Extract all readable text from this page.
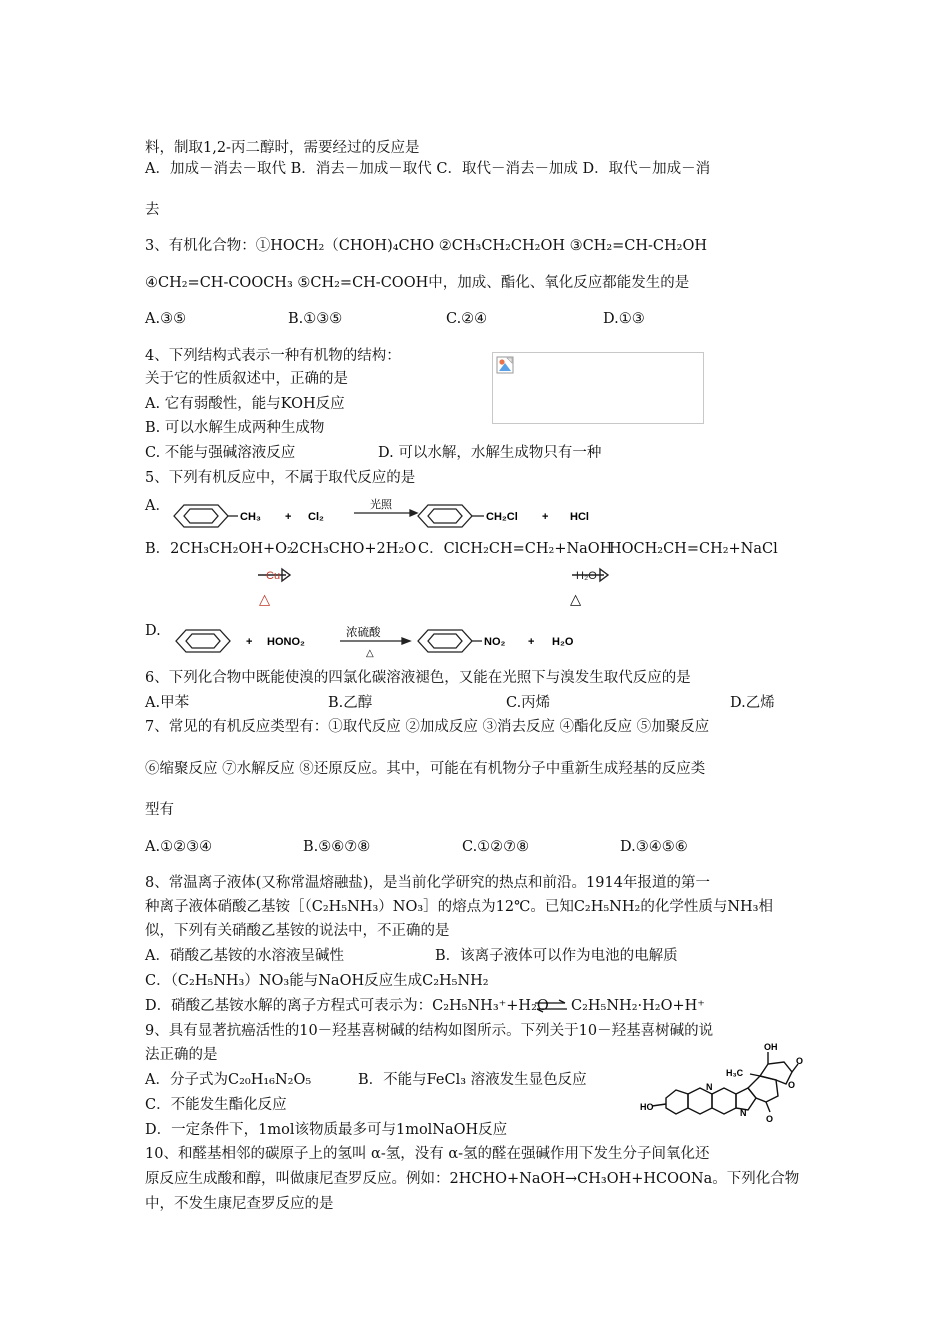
料，制取1,2-丙二醇时，需要经过的反应是
A．加成－消去－取代 B．消去－加成－取代 C．取代－消去－加成 D．取代－加成－消
去
3、有机化合物：①HOCH₂（CHOH)₄CHO ②CH₃CH₂CH₂OH ③CH₂=CH-CH₂OH
④CH₂=CH-COOCH₃ ⑤CH₂=CH-COOH中，加成、酯化、氧化反应都能发生的是
A.③⑤	B.①③⑤	C.②④	D.①③
4、下列结构式表示一种有机物的结构：
关于它的性质叙述中，正确的是
A. 它有弱酸性，能与KOH反应
B. 可以水解生成两种生成物
C. 不能与强碱溶液反应	D. 可以水解，水解生成物只有一种
5、下列有机反应中，不属于取代反应的是
A．
CH₃ + Cl₂
光照
CH₂Cl + HCl
B．2CH₃CH₂OH+O₂
2CH₃CHO+2H₂O C．ClCH₂CH=CH₂+NaOH
HOCH₂CH=CH₂+NaCl
Cu
△
H₂O
△
D.
+ HONO₂
浓硫酸
△
NO₂ + H₂O
6、下列化合物中既能使溴的四氯化碳溶液褪色，又能在光照下与溴发生取代反应的是
A.甲苯	B.乙醇	C.丙烯	D.乙烯
7、常见的有机反应类型有：①取代反应 ②加成反应 ③消去反应 ④酯化反应 ⑤加聚反应
⑥缩聚反应 ⑦水解反应 ⑧还原反应。其中，可能在有机物分子中重新生成羟基的反应类
型有
A.①②③④	B.⑤⑥⑦⑧	C.①②⑦⑧	D.③④⑤⑥
8、常温离子液体(又称常温熔融盐)，是当前化学研究的热点和前沿。1914年报道的第一
种离子液体硝酸乙基铵［（C₂H₅NH₃）NO₃］的熔点为12℃。已知C₂H₅NH₂的化学性质与NH₃相
似，下列有关硝酸乙基铵的说法中，不正确的是
A．硝酸乙基铵的水溶液呈碱性	B．该离子液体可以作为电池的电解质
C．（C₂H₅NH₃）NO₃能与NaOH反应生成C₂H₅NH₂
D．硝酸乙基铵水解的离子方程式可表示为：C₂H₅NH₃⁺+H₂O ⇌ C₂H₅NH₂·H₂O+H⁺
9、具有显著抗癌活性的10－羟基喜树碱的结构如图所示。下列关于10－羟基喜树碱的说
法正确的是
A．分子式为C₂₀H₁₆N₂O₅	B．不能与FeCl₃ 溶液发生显色反应
C．不能发生酯化反应
D．一定条件下，1mol该物质最多可与1molNaOH反应
OH
H₃C
O
O
O
N
N
HO
10、和醛基相邻的碳原子上的氢叫 α-氢，没有 α-氢的醛在强碱作用下发生分子间氧化还
原反应生成酸和醇，叫做康尼查罗反应。例如：2HCHO+NaOH→CH₃OH+HCOONa。下列化合物
中，不发生康尼查罗反应的是
